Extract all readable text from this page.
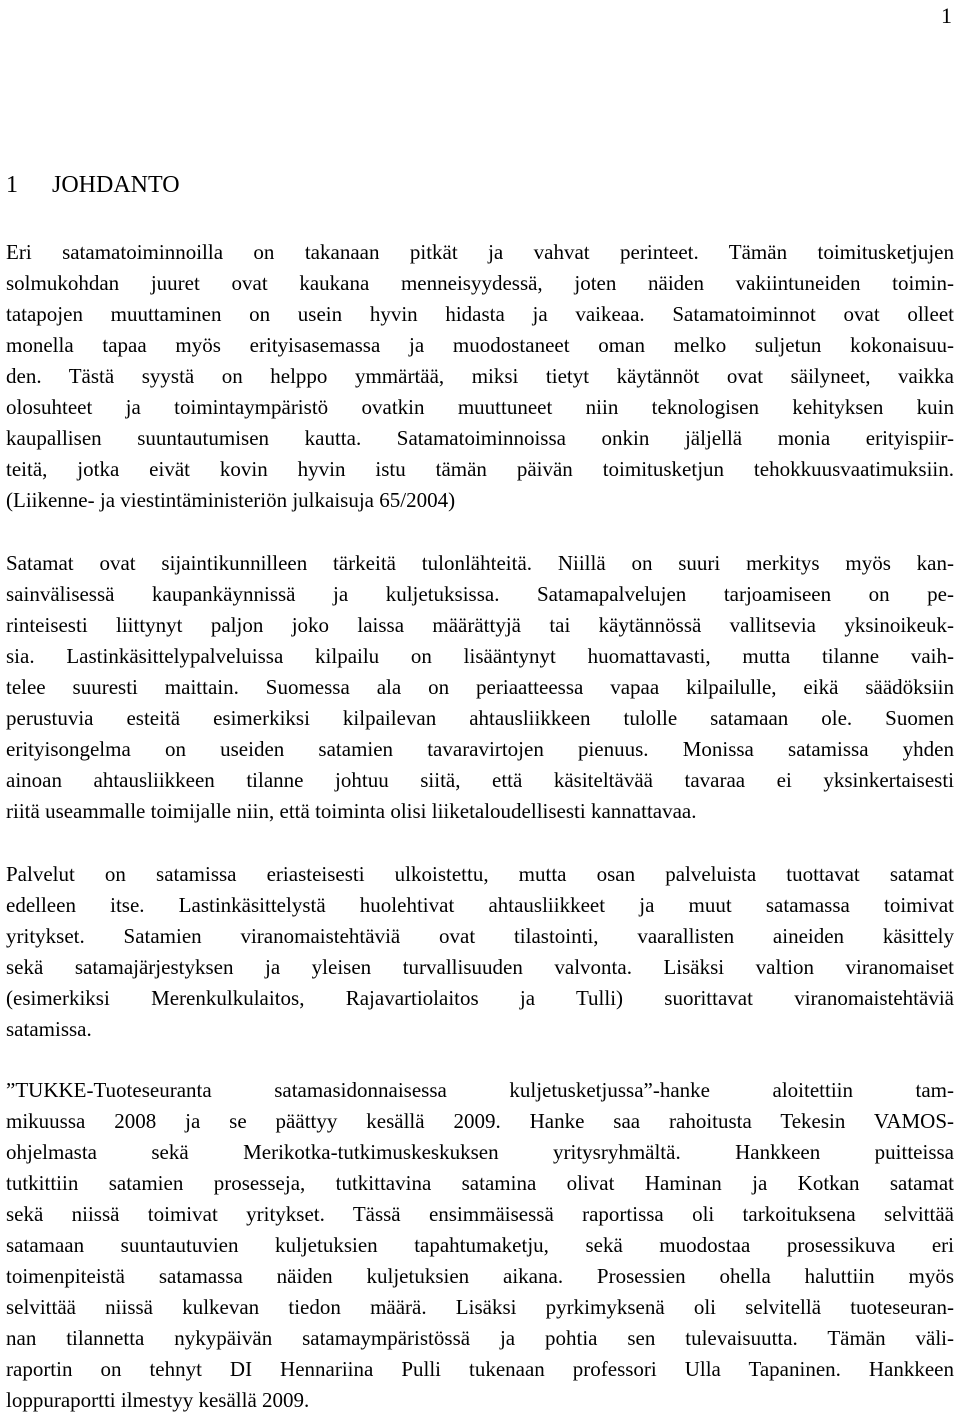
1
1 JOHDANTO

Eri satamatoiminnoilla on takanaan pitkät ja vahvat perinteet. Tämän toimitusketjujen
solmukohdan juuret ovat kaukana menneisyydessä, joten näiden vakiintuneiden toimin-
tatapojen muuttaminen on usein hyvin hidasta ja vaikeaa. Satamatoiminnot ovat olleet
monella tapaa myös erityisasemassa ja muodostaneet oman melko suljetun kokonaisuu-
den. Tästä syystä on helppo ymmärtää, miksi tietyt käytännöt ovat säilyneet, vaikka
olosuhteet ja toimintaympäristö ovatkin muuttuneet niin teknologisen kehityksen kuin
kaupallisen suuntautumisen kautta. Satamatoiminnoissa onkin jäljellä monia erityispiir-
teitä, jotka eivät kovin hyvin istu tämän päivän toimitusketjun tehokkuusvaatimuksiin.
(Liikenne- ja viestintäministeriön julkaisuja 65/2004)

Satamat ovat sijaintikunnilleen tärkeitä tulonlähteitä. Niillä on suuri merkitys myös kan-
sainvälisessä kaupankäynnissä ja kuljetuksissa. Satamapalvelujen tarjoamiseen on pe-
rinteisesti liittynyt paljon joko laissa määrättyjä tai käytännössä vallitsevia yksinoikeuk-
sia. Lastinkäsittelypalveluissa kilpailu on lisääntynyt huomattavasti, mutta tilanne vaih-
telee suuresti maittain. Suomessa ala on periaatteessa vapaa kilpailulle, eikä säädöksiin
perustuvia esteitä esimerkiksi kilpailevan ahtausliikkeen tulolle satamaan ole. Suomen
erityisongelma on useiden satamien tavaravirtojen pienuus. Monissa satamissa yhden
ainoan ahtausliikkeen tilanne johtuu siitä, että käsiteltävää tavaraa ei yksinkertaisesti
riitä useammalle toimijalle niin, että toiminta olisi liiketaloudellisesti kannattavaa.

Palvelut on satamissa eriasteisesti ulkoistettu, mutta osan palveluista tuottavat satamat
edelleen itse. Lastinkäsittelystä huolehtivat ahtausliikkeet ja muut satamassa toimivat
yritykset. Satamien viranomaistehtäviä ovat tilastointi, vaarallisten aineiden käsittely
sekä satamajärjestyksen ja yleisen turvallisuuden valvonta. Lisäksi valtion viranomaiset
(esimerkiksi Merenkulkulaitos, Rajavartiolaitos ja Tulli) suorittavat viranomaistehtäviä
satamissa.

”TUKKE-Tuoteseuranta satamasidonnaisessa kuljetusketjussa”-hanke aloitettiin tam-
mikuussa 2008 ja se päättyy kesällä 2009. Hanke saa rahoitusta Tekesin VAMOS-
ohjelmasta sekä Merikotka-tutkimuskeskuksen yritysryhmältä. Hankkeen puitteissa
tutkittiin satamien prosesseja, tutkittavina satamina olivat Haminan ja Kotkan satamat
sekä niissä toimivat yritykset. Tässä ensimmäisessä raportissa oli tarkoituksena selvittää
satamaan suuntautuvien kuljetuksien tapahtumaketju, sekä muodostaa prosessikuva eri
toimenpiteistä satamassa näiden kuljetuksien aikana. Prosessien ohella haluttiin myös
selvittää niissä kulkevan tiedon määrä. Lisäksi pyrkimyksenä oli selvitellä tuoteseuran-
nan tilannetta nykypäivän satamaympäristössä ja pohtia sen tulevaisuutta. Tämän väli-
raportin on tehnyt DI Hennariina Pulli tukenaan professori Ulla Tapaninen. Hankkeen
loppuraportti ilmestyy kesällä 2009.
